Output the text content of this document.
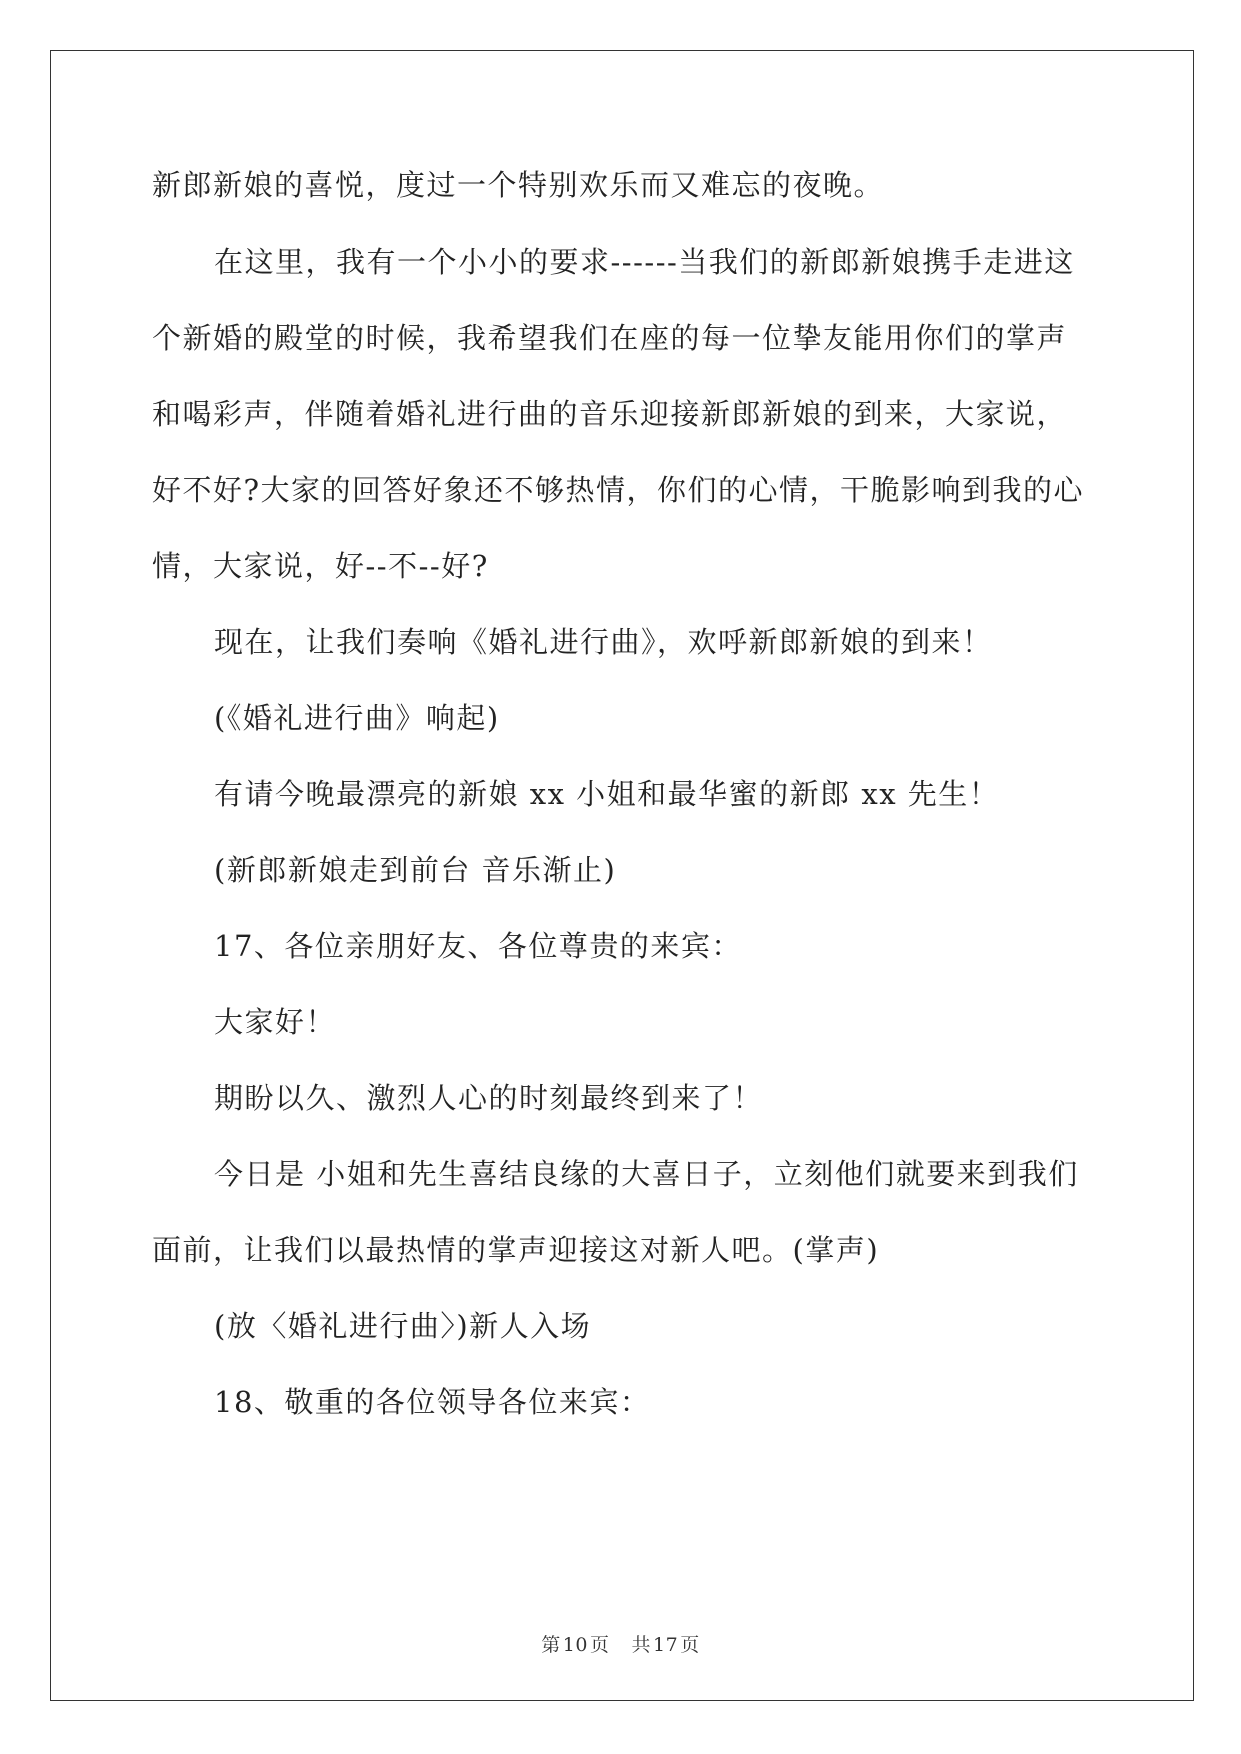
新郎新娘的喜悦，度过一个特别欢乐而又难忘的夜晚。
在这里，我有一个小小的要求------当我们的新郎新娘携手走进这
个新婚的殿堂的时候，我希望我们在座的每一位挚友能用你们的掌声
和喝彩声，伴随着婚礼进行曲的音乐迎接新郎新娘的到来，大家说，
好不好?大家的回答好象还不够热情，你们的心情，干脆影响到我的心
情，大家说，好--不--好?
现在，让我们奏响《婚礼进行曲》，欢呼新郎新娘的到来！
(《婚礼进行曲》响起)
有请今晚最漂亮的新娘 xx 小姐和最华蜜的新郎 xx 先生！
(新郎新娘走到前台 音乐渐止)
17、各位亲朋好友、各位尊贵的来宾：
大家好！
期盼以久、激烈人心的时刻最终到来了！
今日是 小姐和先生喜结良缘的大喜日子，立刻他们就要来到我们
面前，让我们以最热情的掌声迎接这对新人吧。(掌声)
(放〈婚礼进行曲〉)新人入场
18、敬重的各位领导各位来宾：
第 10 页 共 17 页
